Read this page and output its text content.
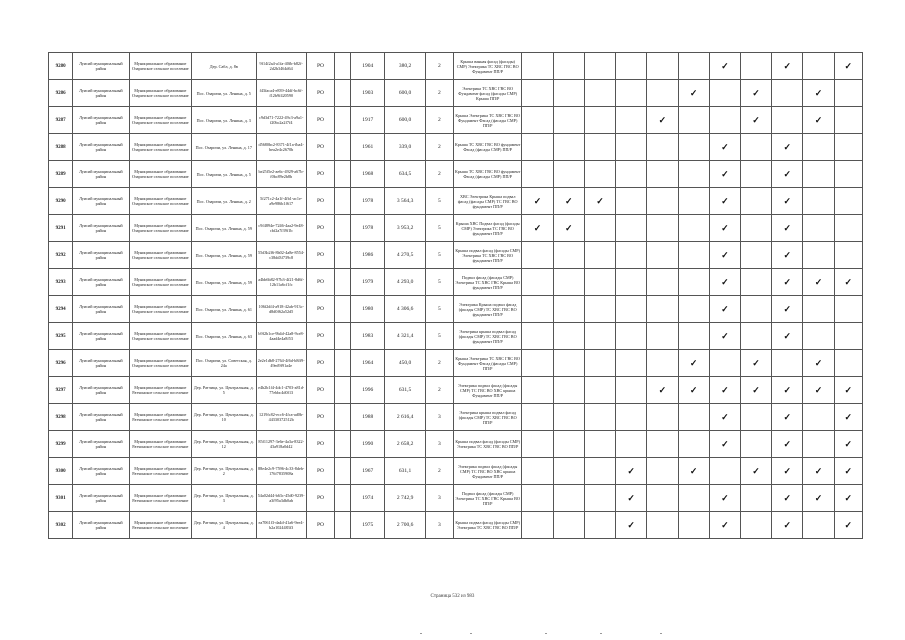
9280	Луисий муниципальный район	Муниципальное образование Озаричское сельское поселение	Дер. Сабл, д. 8в	9f14f2a4-a1fa-40fb-b82f-2d2b3464d64	PO		1904	380,2	2	Крыша ванная фасад (фасады) СМР) Электрика ТС ХВС ГВС ВО Фундамент ПП/Р							✓		✓		✓
9286	Луисий муниципальный район	Муниципальное образование Озаричское сельское поселение	Пос. Озаричи, ул. Ленина, д. 5	f43faca4-e839-44df-bc6f-f12b9f420590	PO		1903	600,0	2	Электрика ТС ХВС ГВС ВО Фундамент фасад (фасады СМР) Крыша ПП/Р						✓		✓		✓	
9287	Луисий муниципальный район	Муниципальное образование Озаричское сельское поселение	Пос. Озаричи, ул. Ленина, д. 3	c9d3d71-7222-49c3-a9a1-f20bc2a2f7f4	PO		1917	600,0	2	Крыша Электрика ТС ХВС ГВС ВО Фундамент Фасад (фасады СМР) ПП/Р					✓			✓		✓	
9288	Луисий муниципальный район	Муниципальное образование Озаричское сельское поселение	Пос. Озаричи, ул. Ленина, д. 17	d5680bc2-8371-4f1a-fba4-bea2e4c2670b	PO		1961	339,0	2	Крыша ТС ХВС ГВС ВО фундамент Фасад (фасады СМР) ПП/Р							✓		✓		
9289	Луисий муниципальный район	Муниципальное образование Озаричское сельское поселение	Пос. Озаричи, ул. Ленина, д. 5	be25f5e2-ae6c-4929-a67b-f0bc89e2b8b	PO		1968	634,5	2	Крыша ТС ХВС ГВС ВО фундамент Фасад (фасады СМР) ПП/Р							✓		✓		
9290	Луисий муниципальный район	Муниципальное образование Озаричское сельское поселение	Пос. Озаричи, ул. Ленина, д. 2	5f271c2-4a1f-4fb1-ac1e-a9e986b1f617	PO		1978	3 564,3	5	ХВС Электрика Крыша подвал фасад (фасады СМР) ТС ГВС ВО фундамент ПП/Р	✓	✓	✓				✓		✓		
9291	Луисий муниципальный район	Муниципальное образование Озаричское сельское поселение	Пос. Озаричи, ул. Ленина, д. 59	c9f4894e-7246-4aa2-9e48-cbf2a7f39f1b	PO		1978	3 953,2	5	Крыша ХВС Подвал фасад (фасады СМР) Электрика ТС ГВС ВО фундамент ПП/Р	✓	✓					✓		✓		
9292	Луисий муниципальный район	Муниципальное образование Озаричское сельское поселение	Пос. Озаричи, ул. Ленина, д. 59	55d3b2f6-8b02-4a8e-8554-c38dd3f739c8	PO		1986	4 270,5	5	Крыша подвал фасад (фасады СМР) Электрика ТС ХВС ГВС ВО фундамент ПП/Р							✓		✓		
9293	Луисий муниципальный район	Муниципальное образование Озаричское сельское поселение	Пос. Озаричи, ул. Ленина, д. 59	a4bb6b82-97b3-4f21-8d6f-12b11a6cf1fc	PO		1979	4 293,0	5	Подвал фасад (фасады СМР) Электрика ТС ХВС ГВС Крыша ВО фундамент ПП/Р							✓		✓	✓	✓
9294	Луисий муниципальный район	Муниципальное образование Озаричское сельское поселение	Пос. Озаричи, ул. Ленина, д. 61	106f2df4-a918-42ab-913c-d8d0f62a52d5	PO		1980	4 306,6	5	Электрика Крыша подвал фасад (фасады СМР) ТС ХВС ГВС ВО фундамент ПП/Р							✓		✓		
9295	Луисий муниципальный район	Муниципальное образование Озаричское сельское поселение	Пос. Озаричи, ул. Ленина, д. 63	b9f2b1ce-9b4d-42a8-9ce8-4aad4e4a8f53	PO		1983	4 321,4	5	Электрика крыша подвал фасад (фасады СМР) ТС ХВС ГВС ВО фундамент ПП/Р							✓		✓		
9296	Луисий муниципальный район	Муниципальное образование Озаричское сельское поселение	Пос. Озаричи, ул. Советская, д. 24а	2e2e1db8-2764-4f6d-b8ff9-49ed9f91a4e	PO		1964	450,0	2	Крыша Электрика ТС ХВС ГВС ВО Фундамент Фасад (фасады СМР) ПП/Р						✓		✓		✓	
9297	Луисий муниципальный район	Муниципальное образование Ратчинское сельское поселение	Дер. Ратчица, ул. Центральная, д. 5	e4b2b1f4-4dc1-4703-a81d-77ebbc4d0f13	PO		1996	631,5	2	Электрика подвал фасад (фасады СМР) ТС ГВС ВО ХВС крыша Фундамент ПП/Р					✓	✓	✓	✓	✓	✓	✓
9298	Луисий муниципальный район	Муниципальное образование Ратчинское сельское поселение	Дер. Ратчица, ул. Центральная, д. 10	1219fc82-ecc6-4fca-ad0b-44330372512b	PO		1988	2 616,4	3	Электрика крыша подвал фасад (фасады СМР) ТС ХВС ГВС ВО ПП/Р							✓		✓		✓
9299	Луисий муниципальный район	Муниципальное образование Ратчинское сельское поселение	Дер. Ратчица, ул. Центральная, д. 12	85f11297-3e6e-4a3a-8322-43a918a0d42	PO		1990	2 658,2	3	Крыша подвал фасад (фасады СМР) Электрика ТС ХВС ГВС ВО ПП/Р							✓		✓		✓
9300	Луисий муниципальный район	Муниципальное образование Ратчинское сельское поселение	Дер. Ратчица, ул. Центральная, д. 2	88e4e2c9-7596-4c33-8deb-176f7835908a	PO		1967	631,1	2	Электрика подвал фасад (фасады СМР) ТС ГВС ВО ХВС крыша Фундамент ПП/Р				✓		✓		✓	✓	✓	✓
9301	Луисий муниципальный район	Муниципальное образование Ратчинское сельское поселение	Дер. Ратчица, ул. Центральная, д. 3	54a02d44-b63c-45d0-9239-a3f95a3db0ab	PO		1974	2 742,9	3	Подвал фасад (фасады СМР) Электрика ТС ХВС ГВС Крыша ВО ПП/Р				✓			✓		✓	✓	✓
9302	Луисий муниципальный район	Муниципальное образование Ратчинское сельское поселение	Дер. Ратчица, ул. Центральная, д. 4	ea7061f3-da4d-41a6-9ee4-b2a1024483f3	PO		1975	2 700,6	3	Крыша подвал фасад (фасады СМР) Электрика ТС ХВС ГВС ВО ПП/Р				✓			✓		✓		✓
Страница 532 из 983
